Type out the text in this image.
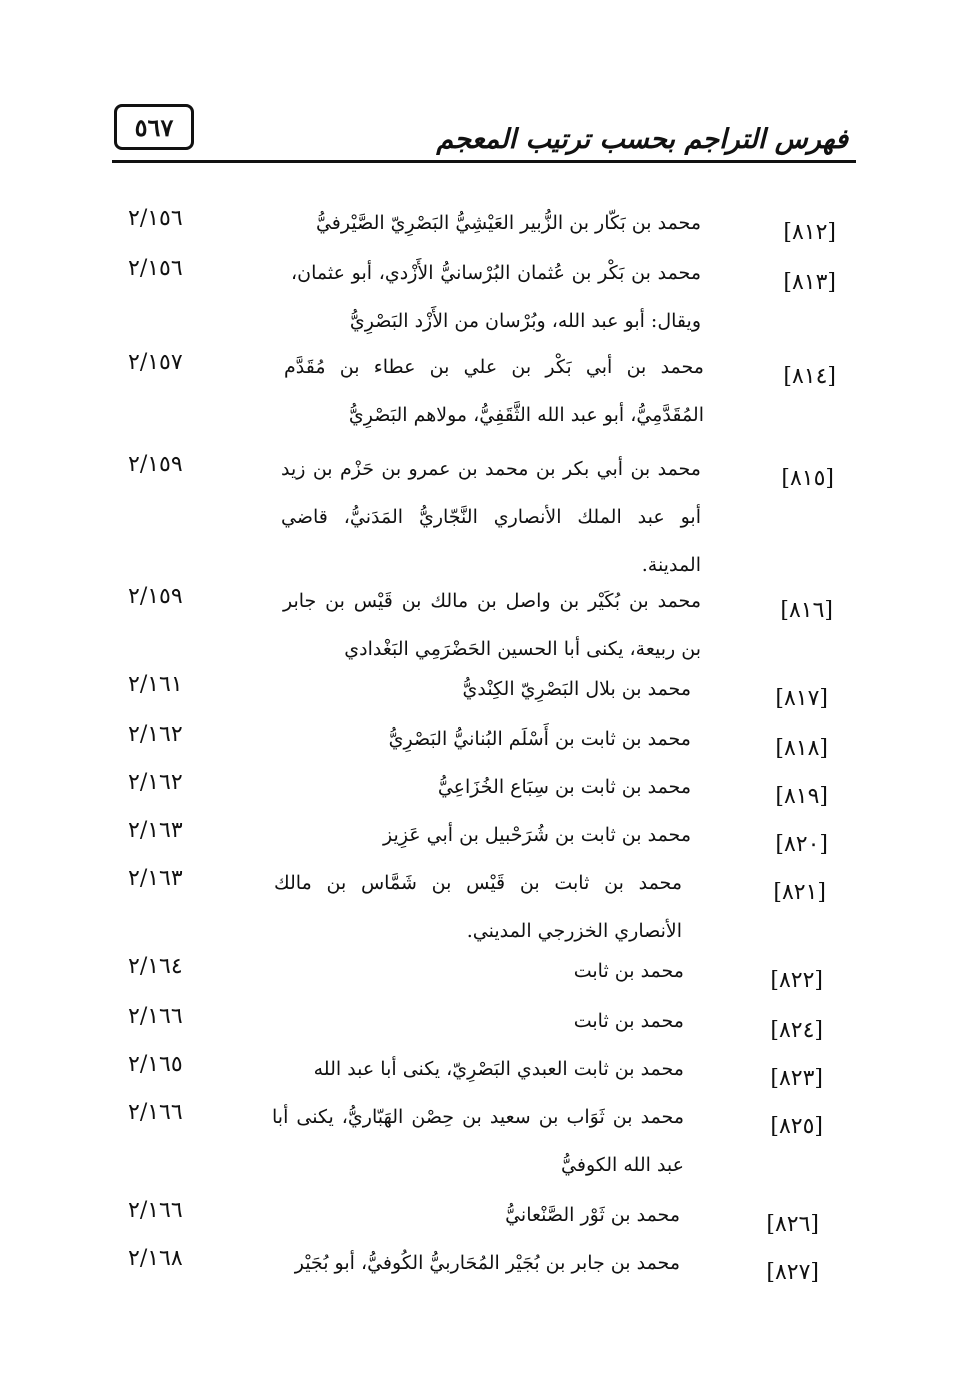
٥٦٧	فهرس التراجم بحسب ترتيب المعجم
٢/١٥٦
[٨١٢]
محمد بن بَكّار بن الزُّبير العَيْشِيُّ البَصْرِيّ الصَّيْرفيُّ
٢/١٥٦
[٨١٣]
محمد بن بَكْر بن عُثمان البُرْسانيُّ الأَزْدي، أبو عثمان،
ويقال: أبو عبد الله، وبُرْسان من الأَزْد البَصْرِيُّ
٢/١٥٧
[٨١٤]
محمد بن أبي بَكْر بن علي بن عطاء بن مُقَدَّم
المُقَدَّمِيُّ، أبو عبد الله الثَّقَفِيُّ، مولاهم البَصْرِيُّ
٢/١٥٩
[٨١٥]
محمد بن أبي بكر بن محمد بن عمرو بن حَزْم بن زيد
أبو عبد الملك الأنصاري النَّجّاريُّ المَدَنيُّ، قاضي
المدينة.
٢/١٥٩
[٨١٦]
محمد بن بُكَيْر بن واصل بن مالك بن قَيْس بن جابر
بن ربيعة، يكنى أبا الحسين الحَضْرَمِي البَغْدادي
٢/١٦١
[٨١٧]
محمد بن بلال البَصْرِيّ الكِنْديُّ
٢/١٦٢
[٨١٨]
محمد بن ثابت بن أَسْلَم البُنانيُّ البَصْرِيُّ
٢/١٦٢
[٨١٩]
محمد بن ثابت بن سِبَاع الخُزَاعِيُّ
٢/١٦٣
[٨٢٠]
محمد بن ثابت بن شُرَحْبيل بن أبي عَزِيز
٢/١٦٣
[٨٢١]
محمد بن ثابت بن قَيْس بن شَمَّاس بن مالك
الأنصاري الخزرجي المديني.
٢/١٦٤
[٨٢٢]
محمد بن ثابت
٢/١٦٦
[٨٢٤]
محمد بن ثابت
٢/١٦٥
[٨٢٣]
محمد بن ثابت العبدي البَصْرِيّ، يكنى أبا عبد الله
٢/١٦٦
[٨٢٥]
محمد بن ثَوَاب بن سعيد بن حِصْن الهَبّاريُّ، يكنى أبا
عبد الله الكوفيُّ
٢/١٦٦
[٨٢٦]
محمد بن ثَوْر الصَّنْعانيُّ
٢/١٦٨
[٨٢٧]
محمد بن جابر بن بُجَيْر المُحَاربيُّ الكُوفيُّ، أبو بُجَيْر
